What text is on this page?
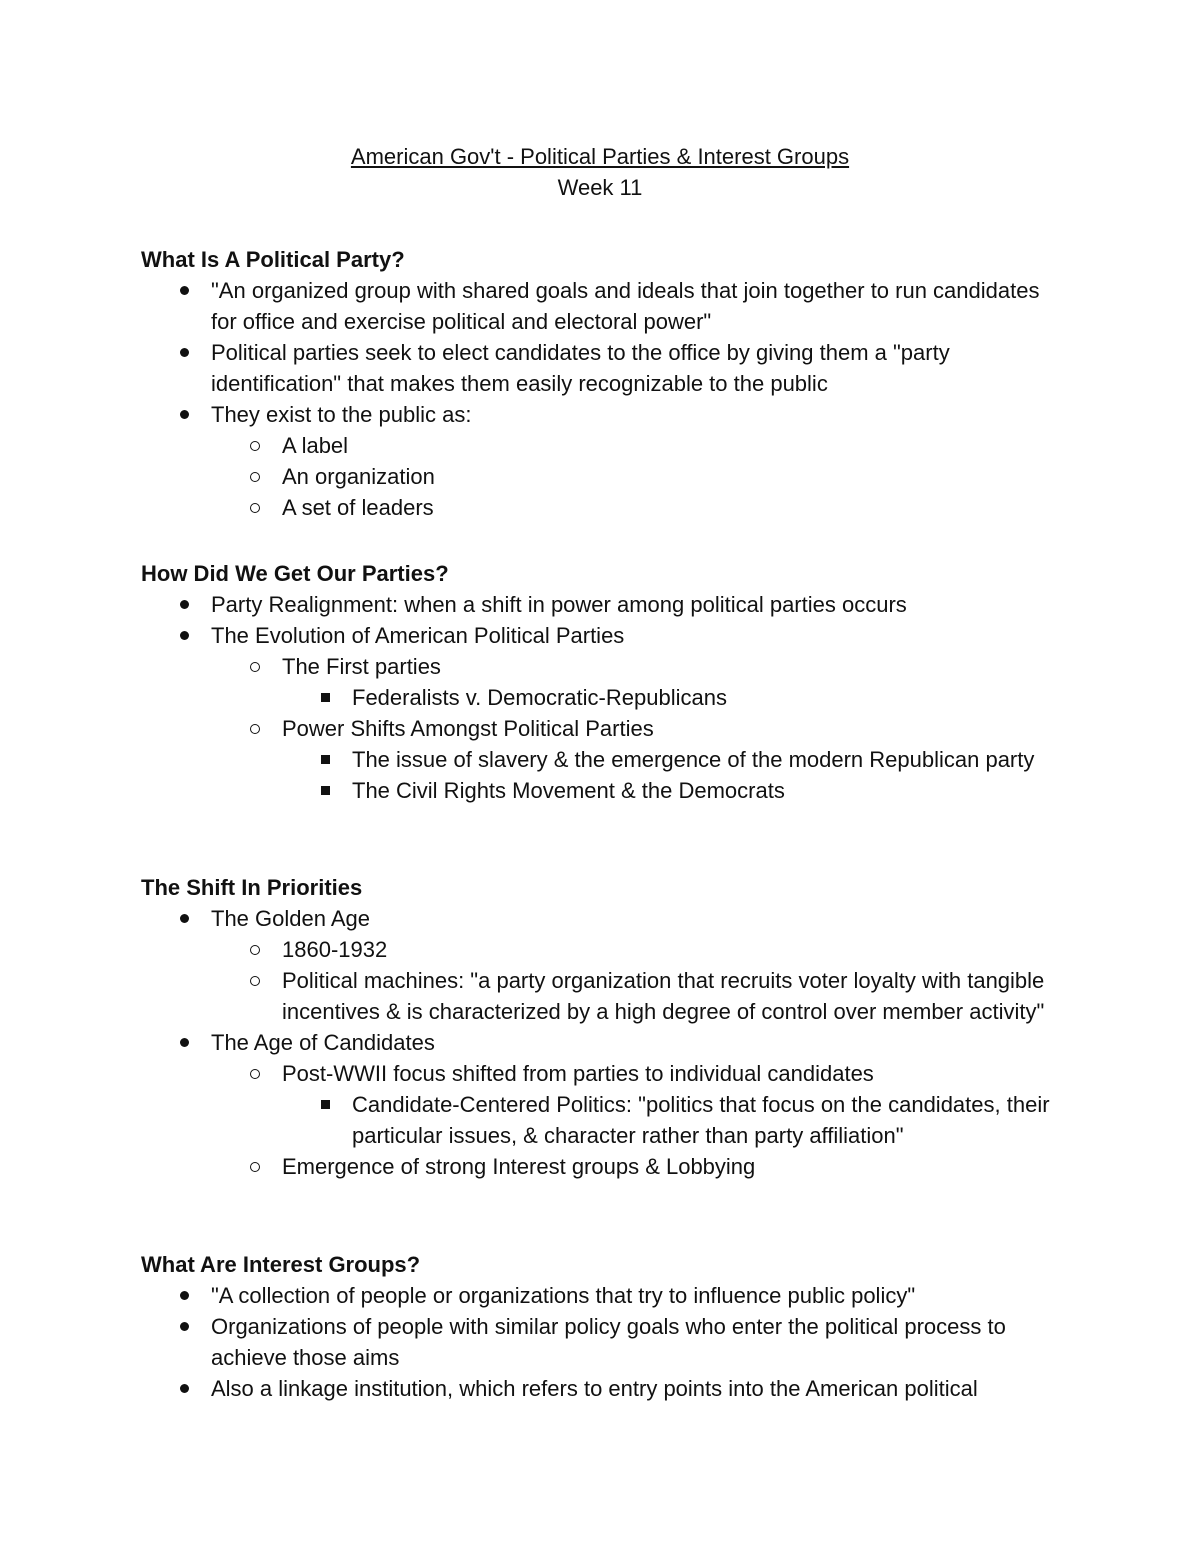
American Gov't - Political Parties & Interest Groups
Week 11

What Is A Political Party?

"An organized group with shared goals and ideals that join together to run candidates for office and exercise political and electoral power"
Political parties seek to elect candidates to the office by giving them a "party identification" that makes them easily recognizable to the public
They exist to the public as:
A label
An organization
A set of leaders

How Did We Get Our Parties?

Party Realignment: when a shift in power among political parties occurs
The Evolution of American Political Parties
The First parties
Federalists v. Democratic-Republicans
Power Shifts Amongst Political Parties
The issue of slavery & the emergence of the modern Republican party
The Civil Rights Movement & the Democrats

The Shift In Priorities

The Golden Age
1860-1932
Political machines: "a party organization that recruits voter loyalty with tangible incentives & is characterized by a high degree of control over member activity"
The Age of Candidates
Post-WWII focus shifted from parties to individual candidates
Candidate-Centered Politics: "politics that focus on the candidates, their particular issues, & character rather than party affiliation"
Emergence of strong Interest groups & Lobbying

What Are Interest Groups?

"A collection of people or organizations that try to influence public policy"
Organizations of people with similar policy goals who enter the political process to achieve those aims
Also a linkage institution, which refers to entry points into the American political
